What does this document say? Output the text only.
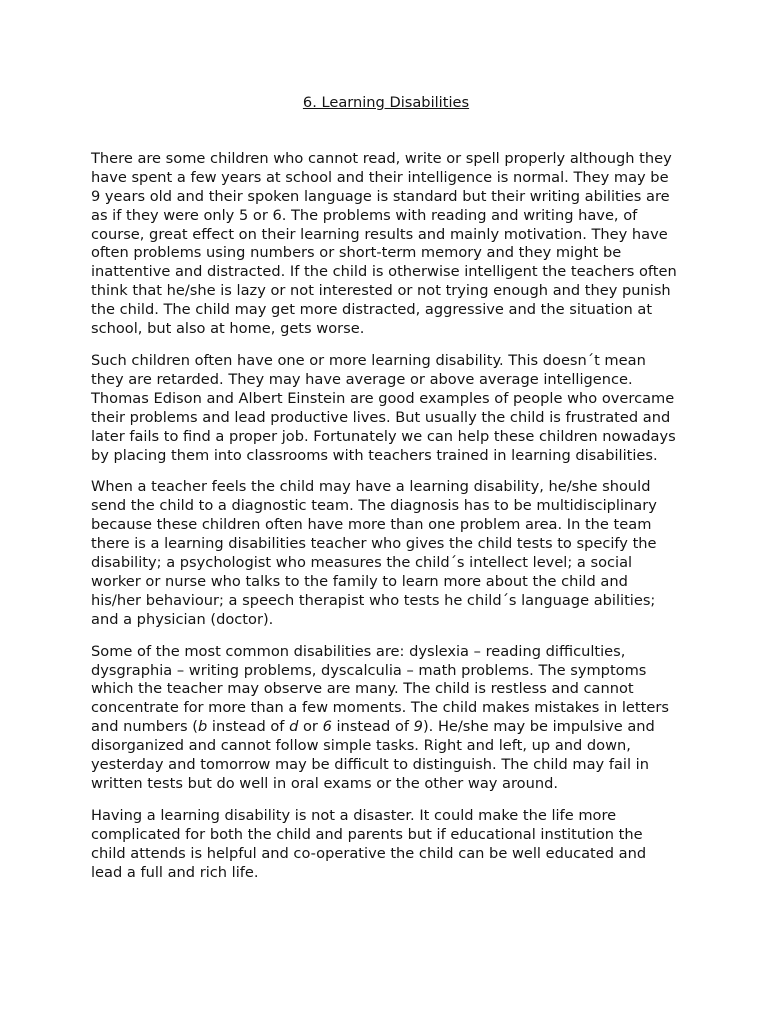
6. Learning Disabilities

There are some children who cannot read, write or spell properly although they have spent a few years at school and their intelligence is normal. They may be 9 years old and their spoken language is standard but their writing abilities are as if they were only 5 or 6. The problems with reading and writing have, of course, great effect on their learning results and mainly motivation. They have often problems using numbers or short-term memory and they might be inattentive and distracted. If the child is otherwise intelligent the teachers often think that he/she is lazy or not interested or not trying enough and they punish the child. The child may get more distracted, aggressive and the situation at school, but also at home, gets worse.

Such children often have one or more learning disability. This doesn´t mean they are retarded. They may have average or above average intelligence. Thomas Edison and Albert Einstein are good examples of people who overcame their problems and lead productive lives. But usually the child is frustrated and later fails to find a proper job. Fortunately we can help these children nowadays by placing them into classrooms with teachers trained in learning disabilities.

When a teacher feels the child may have a learning disability, he/she should send the child to a diagnostic team. The diagnosis has to be multidisciplinary because these children often have more than one problem area. In the team there is a learning disabilities teacher who gives the child tests to specify the disability; a psychologist who measures the child´s intellect level; a social worker or nurse who talks to the family to learn more about the child and his/her behaviour; a speech therapist who tests he child´s language abilities; and a physician (doctor).

Some of the most common disabilities are: dyslexia – reading difficulties, dysgraphia – writing problems, dyscalculia – math problems. The symptoms which the teacher may observe are many. The child is restless and cannot concentrate for more than a few moments. The child makes mistakes in letters and numbers (b instead of d or 6 instead of 9). He/she may be impulsive and disorganized and cannot follow simple tasks. Right and left, up and down, yesterday and tomorrow may be difficult to distinguish. The child may fail in written tests but do well in oral exams or the other way around.

Having a learning disability is not a disaster. It could make the life more complicated for both the child and parents but if educational institution the child attends is helpful and co-operative the child can be well educated and lead a full and rich life.
